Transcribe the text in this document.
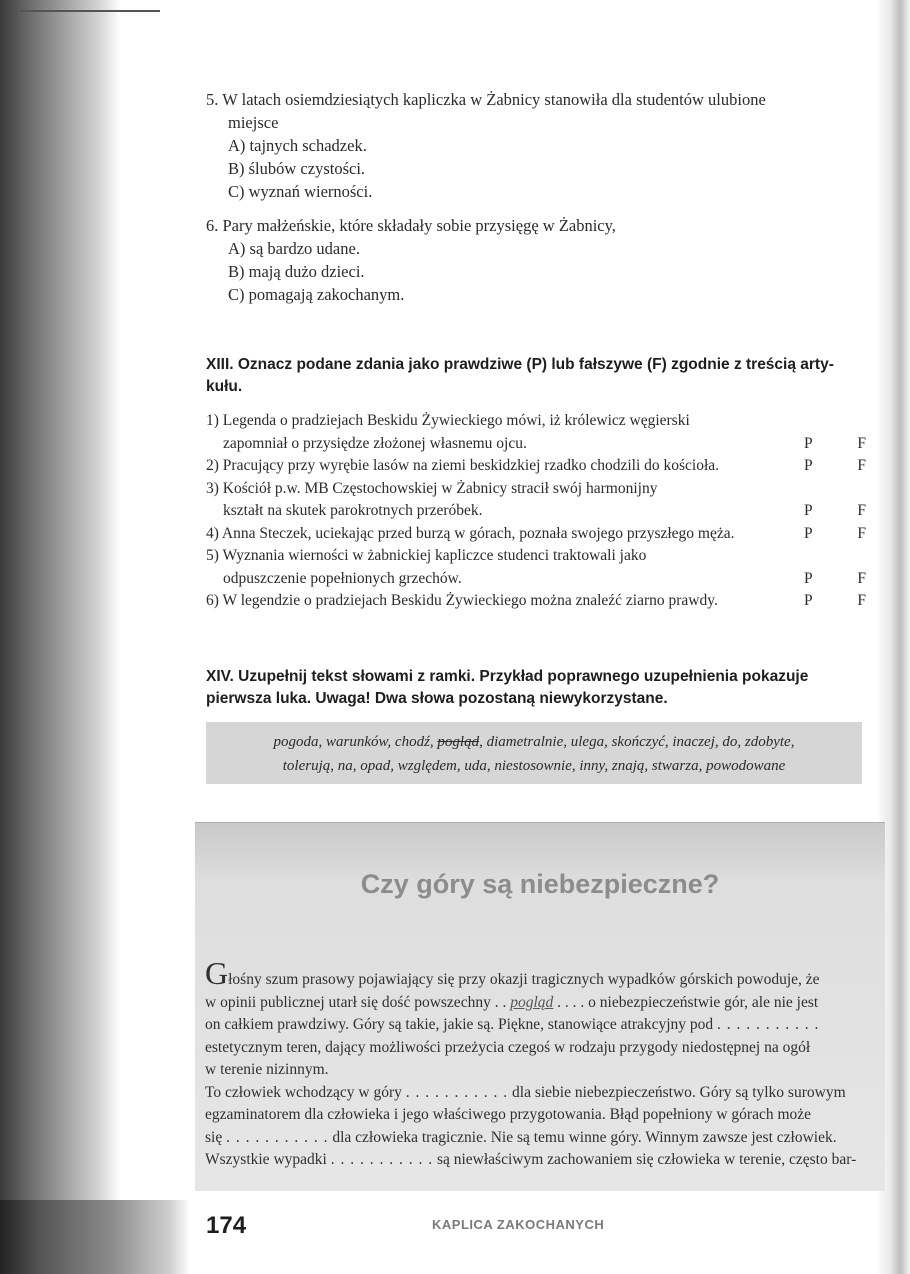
5. W latach osiemdziesiątych kapliczka w Żabnicy stanowiła dla studentów ulubione
miejsce
A) tajnych schadzek.
B) ślubów czystości.
C) wyznań wierności.
6. Pary małżeńskie, które składały sobie przysięgę w Żabnicy,
A) są bardzo udane.
B) mają dużo dzieci.
C) pomagają zakochanym.
XIII. Oznacz podane zdania jako prawdziwe (P) lub fałszywe (F) zgodnie z treścią arty-
kułu.
1) Legenda o pradziejach Beskidu Żywieckiego mówi, iż królewicz węgierski
zapomniał o przysiędze złożonej własnemu ojcu.	P	F
2) Pracujący przy wyrębie lasów na ziemi beskidzkiej rzadko chodzili do kościoła.	P	F
3) Kościół p.w. MB Częstochowskiej w Żabnicy stracił swój harmonijny
kształt na skutek parokrotnych przeróbek.	P	F
4) Anna Steczek, uciekając przed burzą w górach, poznała swojego przyszłego męża.	P	F
5) Wyznania wierności w żabnickiej kapliczce studenci traktowali jako
odpuszczenie popełnionych grzechów.	P	F
6) W legendzie o pradziejach Beskidu Żywieckiego można znaleźć ziarno prawdy.	P	F
XIV. Uzupełnij tekst słowami z ramki. Przykład poprawnego uzupełnienia pokazuje
pierwsza luka. Uwaga! Dwa słowa pozostaną niewykorzystane.
pogoda, warunków, chodź, pogląd, diametralnie, ulega, skończyć, inaczej, do, zdobyte,
tolerują, na, opad, względem, uda, niestosownie, inny, znają, stwarza, powodowane
Czy góry są niebezpieczne?
Głośny szum prasowy pojawiający się przy okazji tragicznych wypadków górskich powoduje, że
w opinii publicznej utarł się dość powszechny . . pogląd . . . . o niebezpieczeństwie gór, ale nie jest
on całkiem prawdziwy. Góry są takie, jakie są. Piękne, stanowiące atrakcyjny pod . . . . . . . . . . .
estetycznym teren, dający możliwości przeżycia czegoś w rodzaju przygody niedostępnej na ogół
w terenie nizinnym.
To człowiek wchodzący w góry . . . . . . . . . . . dla siebie niebezpieczeństwo. Góry są tylko surowym
egzaminatorem dla człowieka i jego właściwego przygotowania. Błąd popełniony w górach może
się . . . . . . . . . . . dla człowieka tragicznie. Nie są temu winne góry. Winnym zawsze jest człowiek.
Wszystkie wypadki . . . . . . . . . . . są niewłaściwym zachowaniem się człowieka w terenie, często bar-
174	KAPLICA ZAKOCHANYCH
